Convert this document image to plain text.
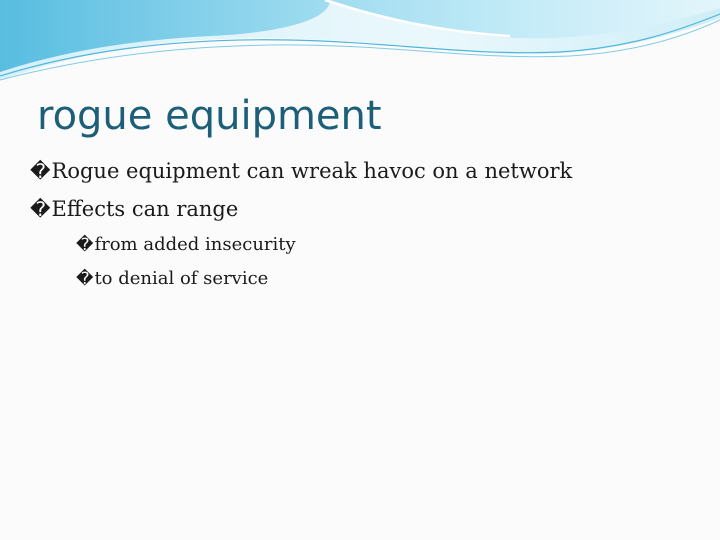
rogue equipment
� Rogue equipment can wreak havoc on a network
� Effects can range
� from added insecurity
� to denial of service
